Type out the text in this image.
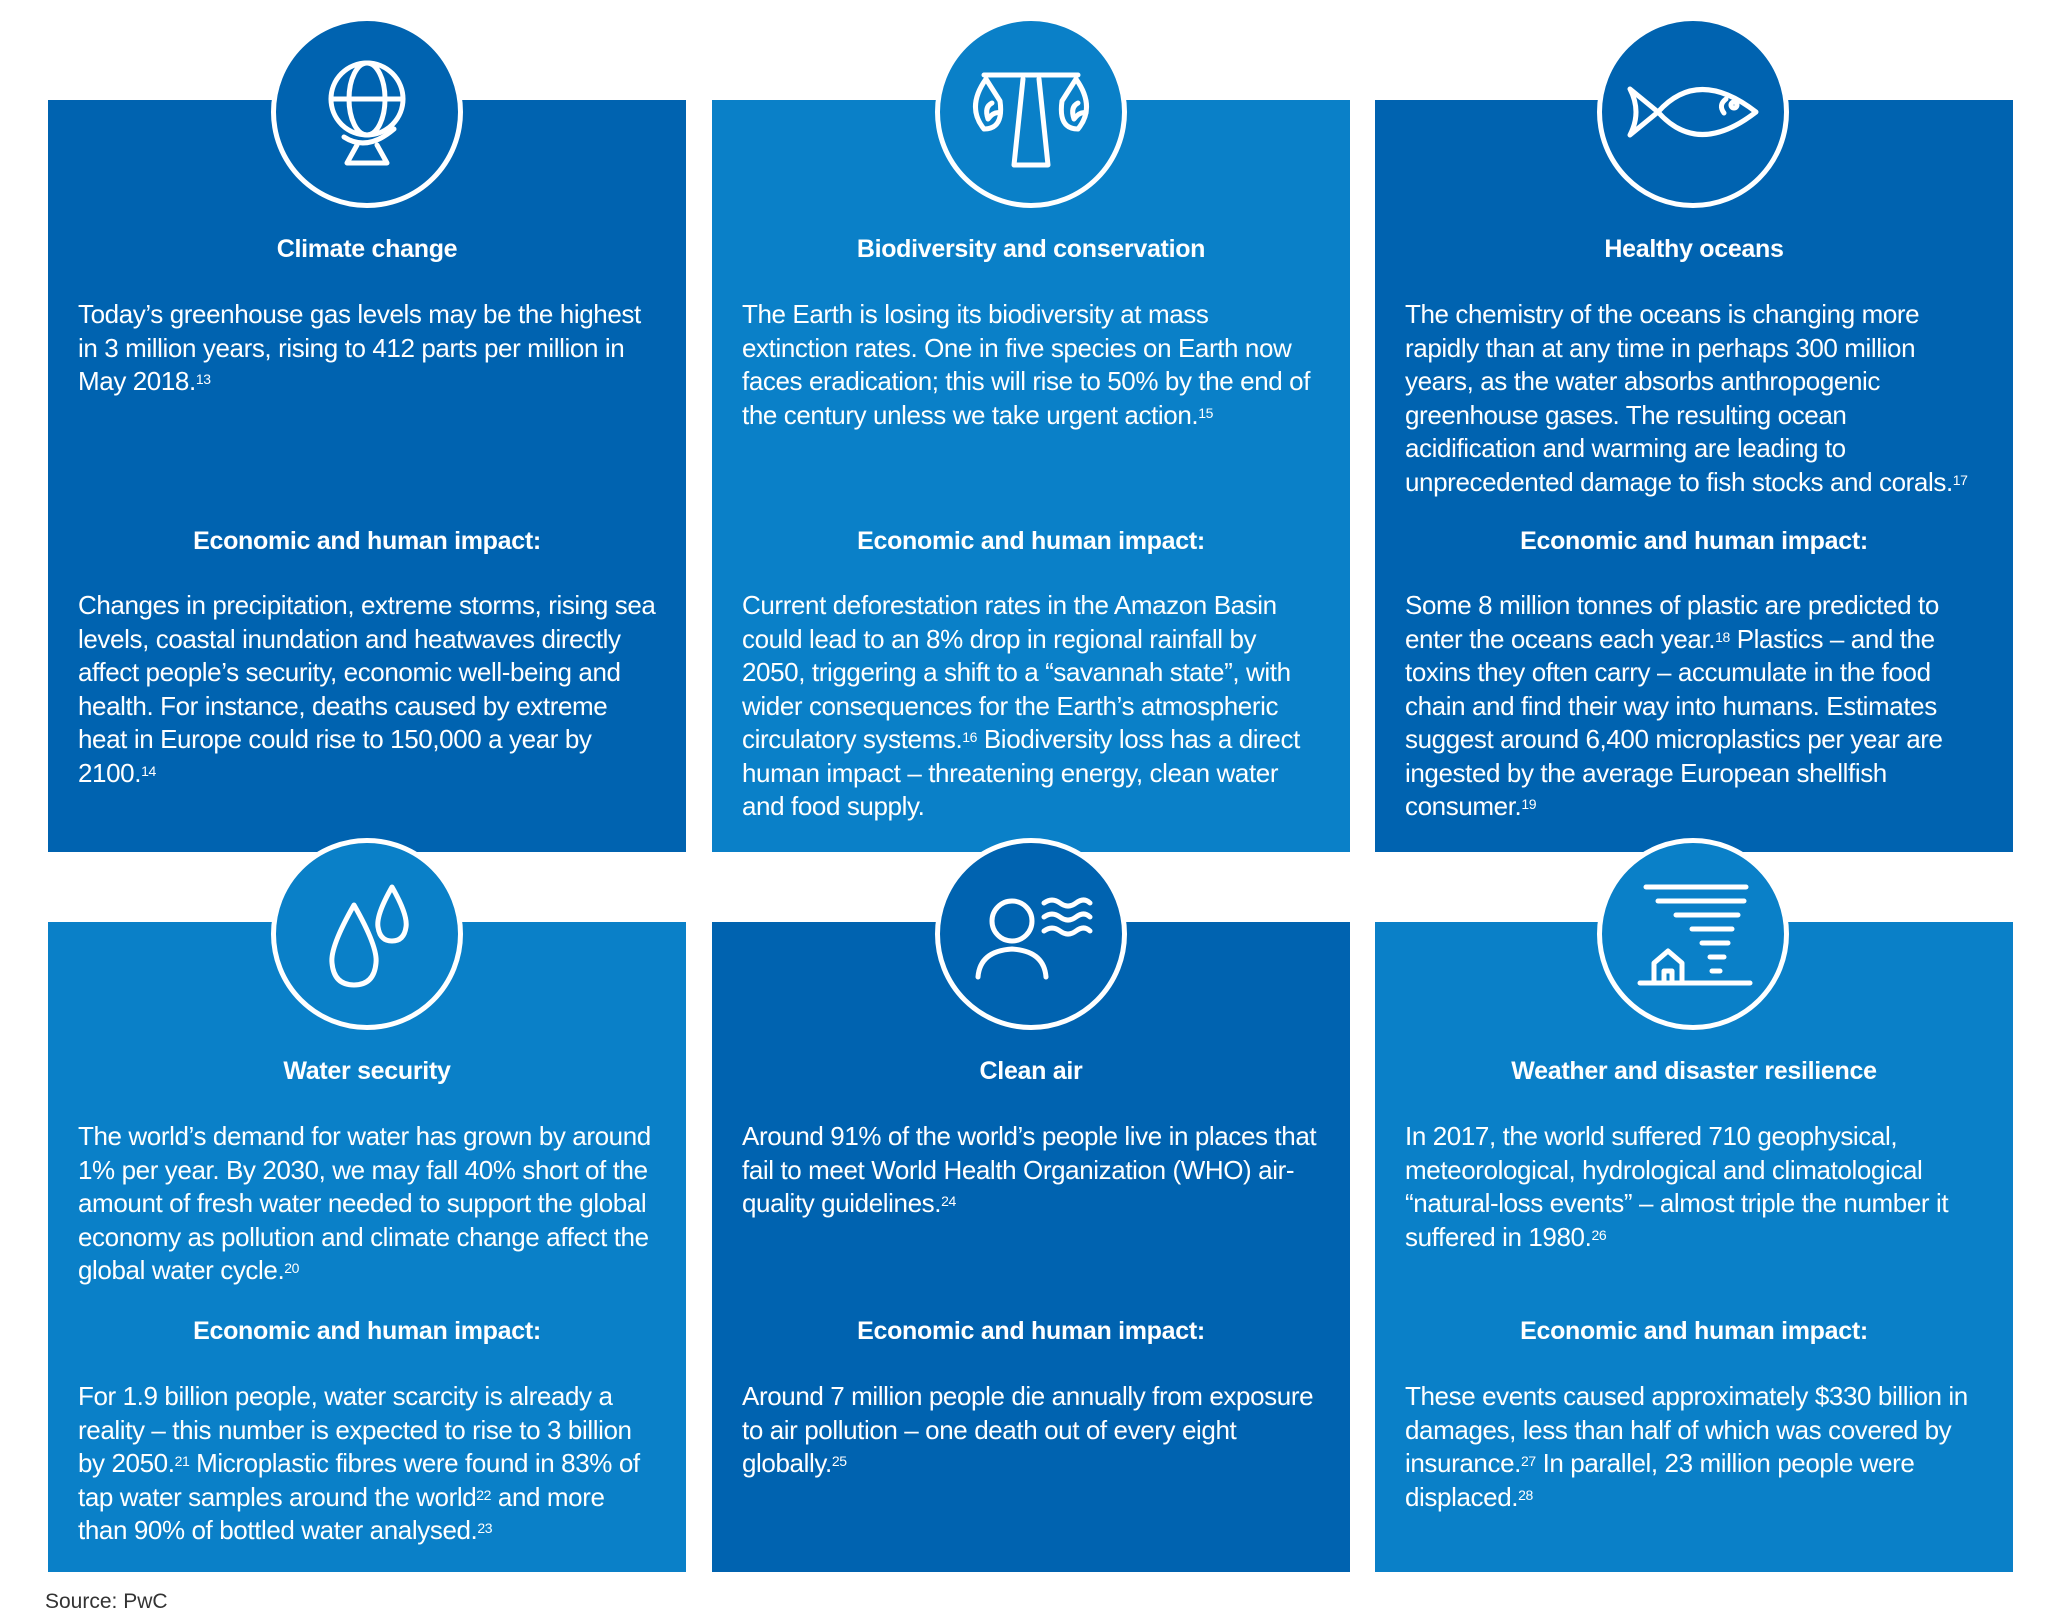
Climate change
Today’s greenhouse gas levels may be the highest in 3 million years, rising to 412 parts per million in May 2018.13
Economic and human impact:
Changes in precipitation, extreme storms, rising sea levels, coastal inundation and heatwaves directly affect people’s security, economic well-being and health. For instance, deaths caused by extreme heat in Europe could rise to 150,000 a year by 2100.14
Biodiversity and conservation
The Earth is losing its biodiversity at mass extinction rates. One in five species on Earth now faces eradication; this will rise to 50% by the end of the century unless we take urgent action.$^{15}$
Economic and human impact:
Current deforestation rates in the Amazon Basin could lead to an 8% drop in regional rainfall by 2050, triggering a shift to a “savannah state”, with wider consequences for the Earth’s atmospheric circulatory systems.$^{16}$ Biodiversity loss has a direct human impact – threatening energy, clean water and food supply.
Healthy oceans
The chemistry of the oceans is changing more rapidly than at any time in perhaps 300 million years, as the water absorbs anthropogenic greenhouse gases. The resulting ocean acidification and warming are leading to unprecedented damage to fish stocks and corals.$^{17}$
Economic and human impact:
Some 8 million tonnes of plastic are predicted to enter the oceans each year.$^{18}$ Plastics – and the toxins they often carry – accumulate in the food chain and find their way into humans. Estimates suggest around 6,400 microplastics per year are ingested by the average European shellfish consumer.$^{19}$
Water security
The world’s demand for water has grown by around 1% per year. By 2030, we may fall 40% short of the amount of fresh water needed to support the global economy as pollution and climate change affect the global water cycle.$^{20}$
Economic and human impact:
For 1.9 billion people, water scarcity is already a reality – this number is expected to rise to 3 billion by 2050.21 Microplastic fibres were found in 83% of tap water samples around the world$^{22}$ and more than 90% of bottled water analysed.$^{23}$
Clean air
Around 91% of the world’s people live in places that fail to meet World Health Organization (WHO) air-quality guidelines.$^{24}$
Economic and human impact:
Around 7 million people die annually from exposure to air pollution – one death out of every eight globally.$^{25}$
Weather and disaster resilience
In 2017, the world suffered 710 geophysical, meteorological, hydrological and climatological “natural-loss events” – almost triple the number it suffered in 1980.26
Economic and human impact:
These events caused approximately $330 billion in damages, less than half of which was covered by insurance.$^{27}$ In parallel, 23 million people were displaced.$^{28}$
Source: PwC
